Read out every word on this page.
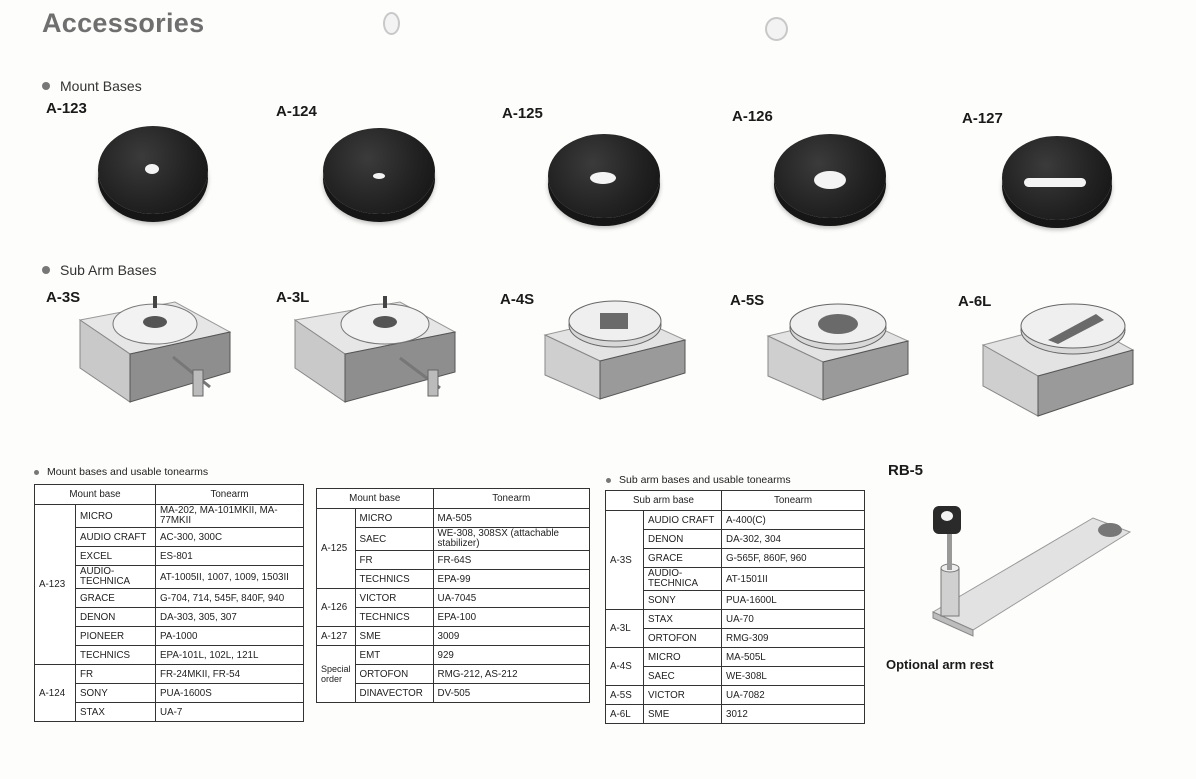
Accessories
Mount Bases
A-123	A-124	A-125	A-126	A-127
Sub Arm Bases
A-3S	A-3L	A-4S	A-5S	A-6L
Mount bases and usable tonearms
Mount base		Tonearm
A-123	MICRO	MA-202, MA-101MKII, MA-77MKII
	AUDIO CRAFT	AC-300, 300C
	EXCEL	ES-801
	AUDIO-TECHNICA	AT-1005II, 1007, 1009, 1503II
	GRACE	G-704, 714, 545F, 840F, 940
	DENON	DA-303, 305, 307
	PIONEER	PA-1000
	TECHNICS	EPA-101L, 102L, 121L
A-124	FR	FR-24MKII, FR-54
	SONY	PUA-1600S
	STAX	UA-7
Mount base		Tonearm
A-125	MICRO	MA-505
	SAEC	WE-308, 308SX (attachable stabilizer)
	FR	FR-64S
	TECHNICS	EPA-99
A-126	VICTOR	UA-7045
	TECHNICS	EPA-100
A-127	SME	3009
Special order	EMT	929
	ORTOFON	RMG-212, AS-212
	DINAVECTOR	DV-505
Sub arm bases and usable tonearms
Sub arm base		Tonearm
A-3S	AUDIO CRAFT	A-400(C)
	DENON	DA-302, 304
	GRACE	G-565F, 860F, 960
	AUDIO-TECHNICA	AT-1501II
	SONY	PUA-1600L
A-3L	STAX	UA-70
	ORTOFON	RMG-309
A-4S	MICRO	MA-505L
	SAEC	WE-308L
A-5S	VICTOR	UA-7082
A-6L	SME	3012
RB-5
Optional arm rest
